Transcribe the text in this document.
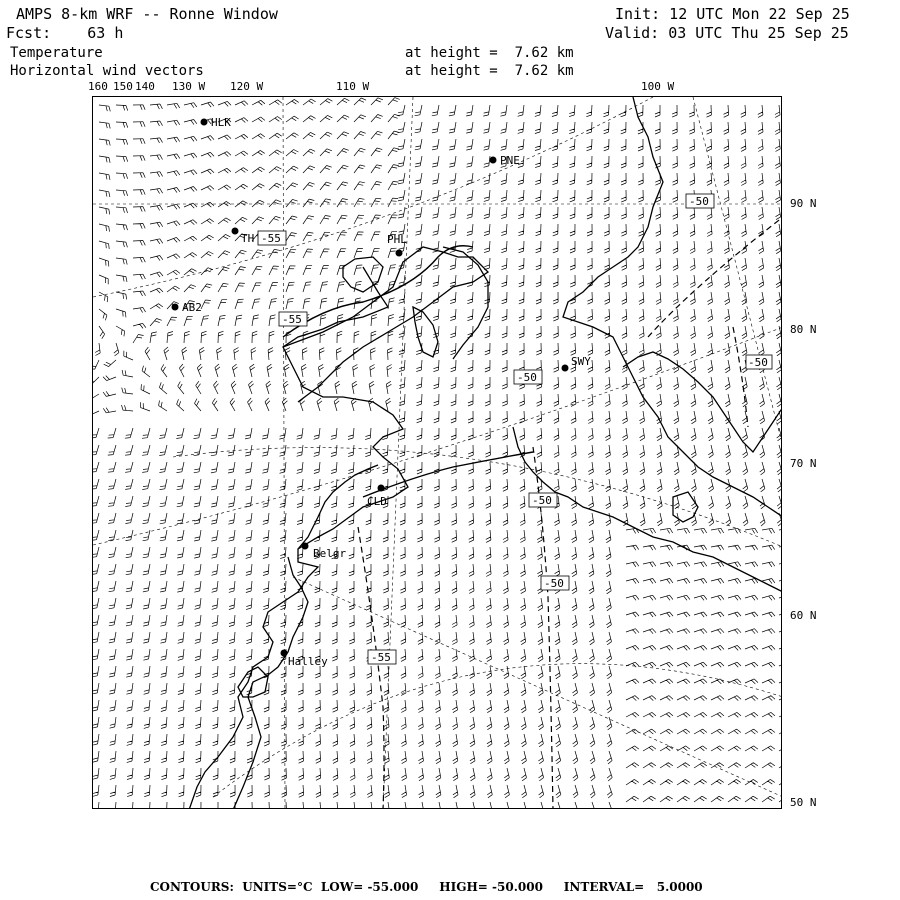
AMPS 8-km WRF -- Ronne Window	Init: 12 UTC Mon 22 Sep 25
Fcst:    63 h	Valid: 03 UTC Thu 25 Sep 25
Temperature	at height =  7.62 km
Horizontal wind vectors	at height =  7.62 km
160 150 140 130 W 120 W	110 W	100 W
90 N
80 N
70 N
60 N
50 N
-55
-55
-50
-50
-50
-50
-50
-55
HLK
PNE
TH	PHL
AB2
SWY
CLD
Belgr
Halley
CONTOURS:  UNITS=°C  LOW= -55.000     HIGH= -50.000     INTERVAL=   5.0000
